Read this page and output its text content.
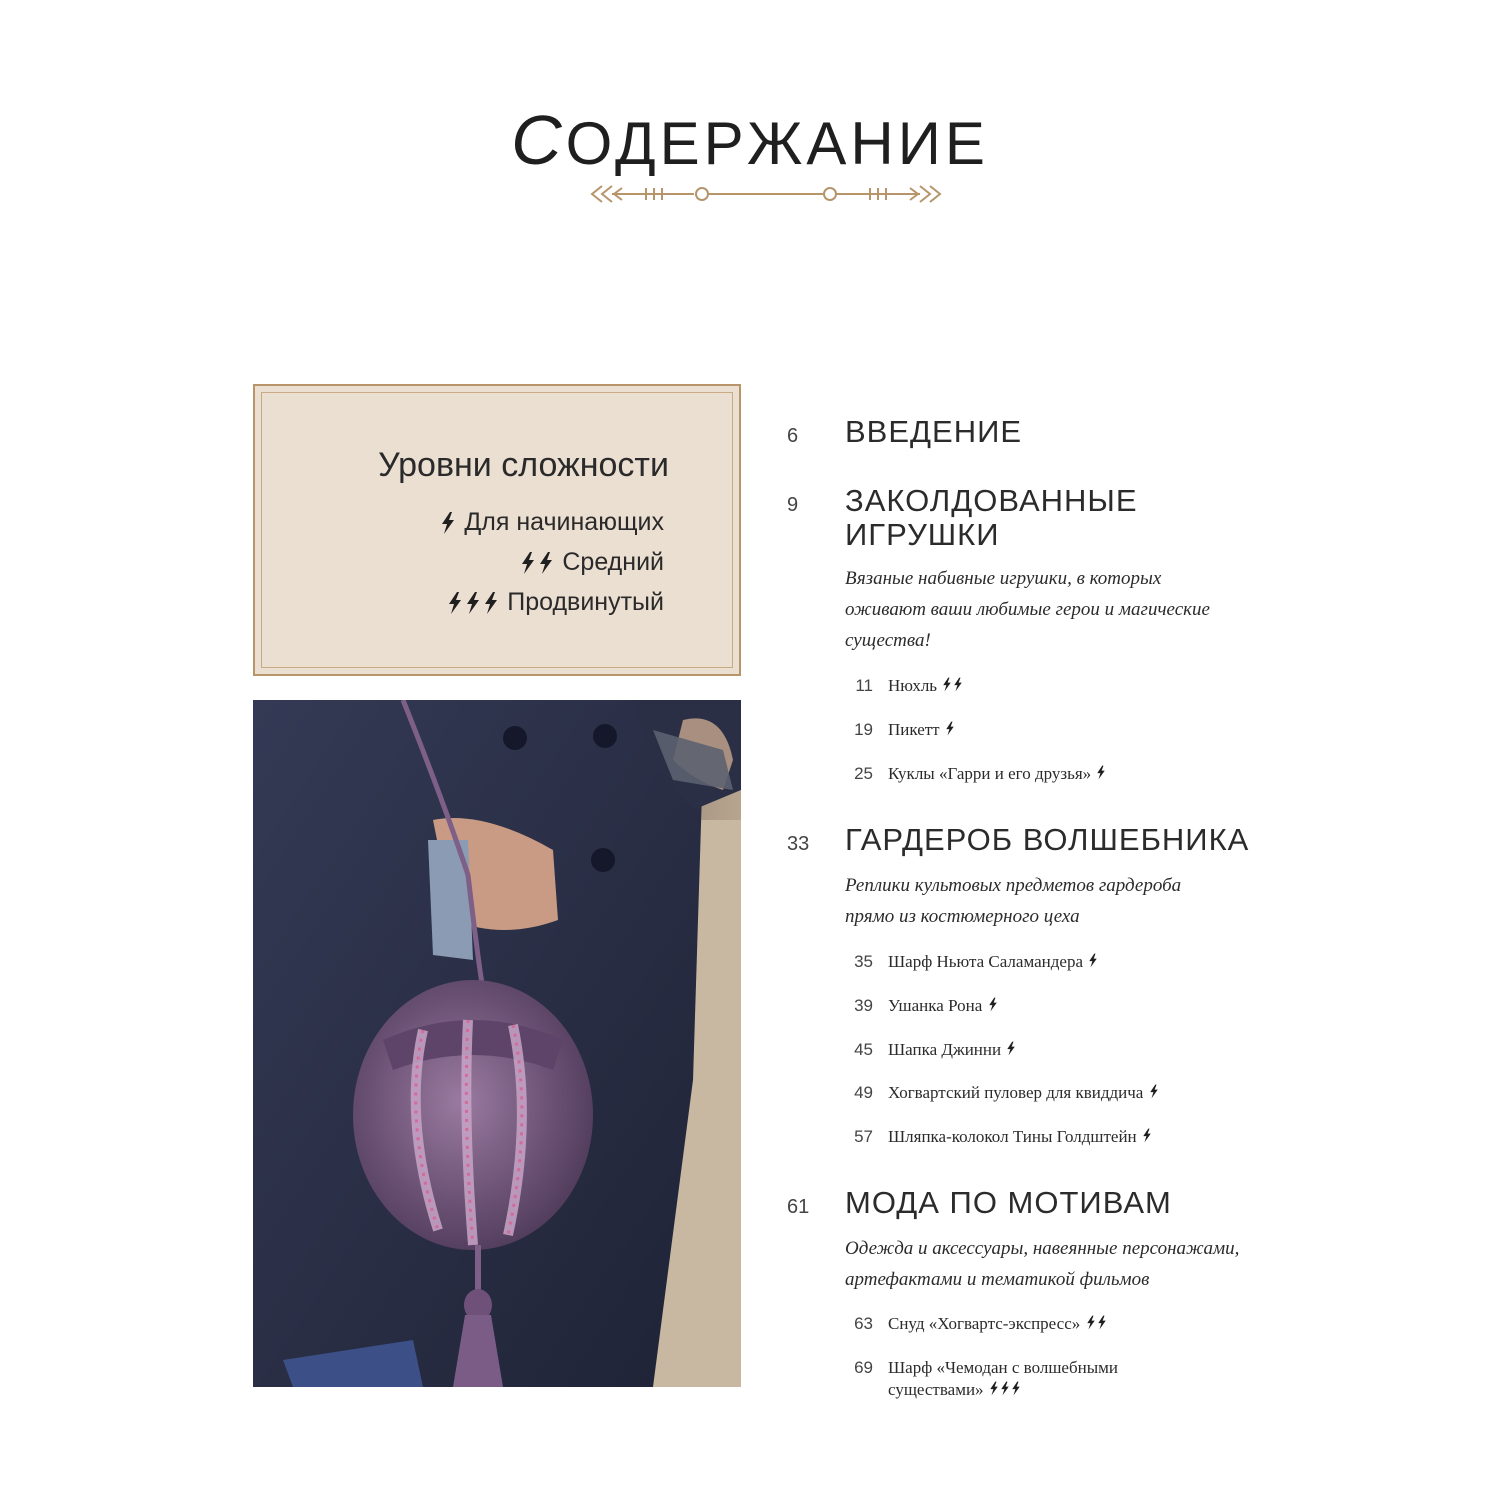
СОДЕРЖАНИЕ
Уровни сложности
Для начинающих
Средний
Продвинутый
6	ВВЕДЕНИЕ
9	ЗАКОЛДОВАННЫЕ
ИГРУШКИ
Вязаные набивные игрушки, в которых
оживают ваши любимые герои и магические
существа!
11 Нюхль
19 Пикетт
25 Куклы «Гарри и его друзья»
33	ГАРДЕРОБ ВОЛШЕБНИКА
Реплики культовых предметов гардероба
прямо из костюмерного цеха
35 Шарф Ньюта Саламандера
39 Ушанка Рона
45 Шапка Джинни
49 Хогвартский пуловер для квиддича
57 Шляпка-колокол Тины Голдштейн
61	МОДА ПО МОТИВАМ
Одежда и аксессуары, навеянные персонажами,
артефактами и тематикой фильмов
63 Снуд «Хогвартс-экспресс»
69 Шарф «Чемодан с волшебными
существами»
